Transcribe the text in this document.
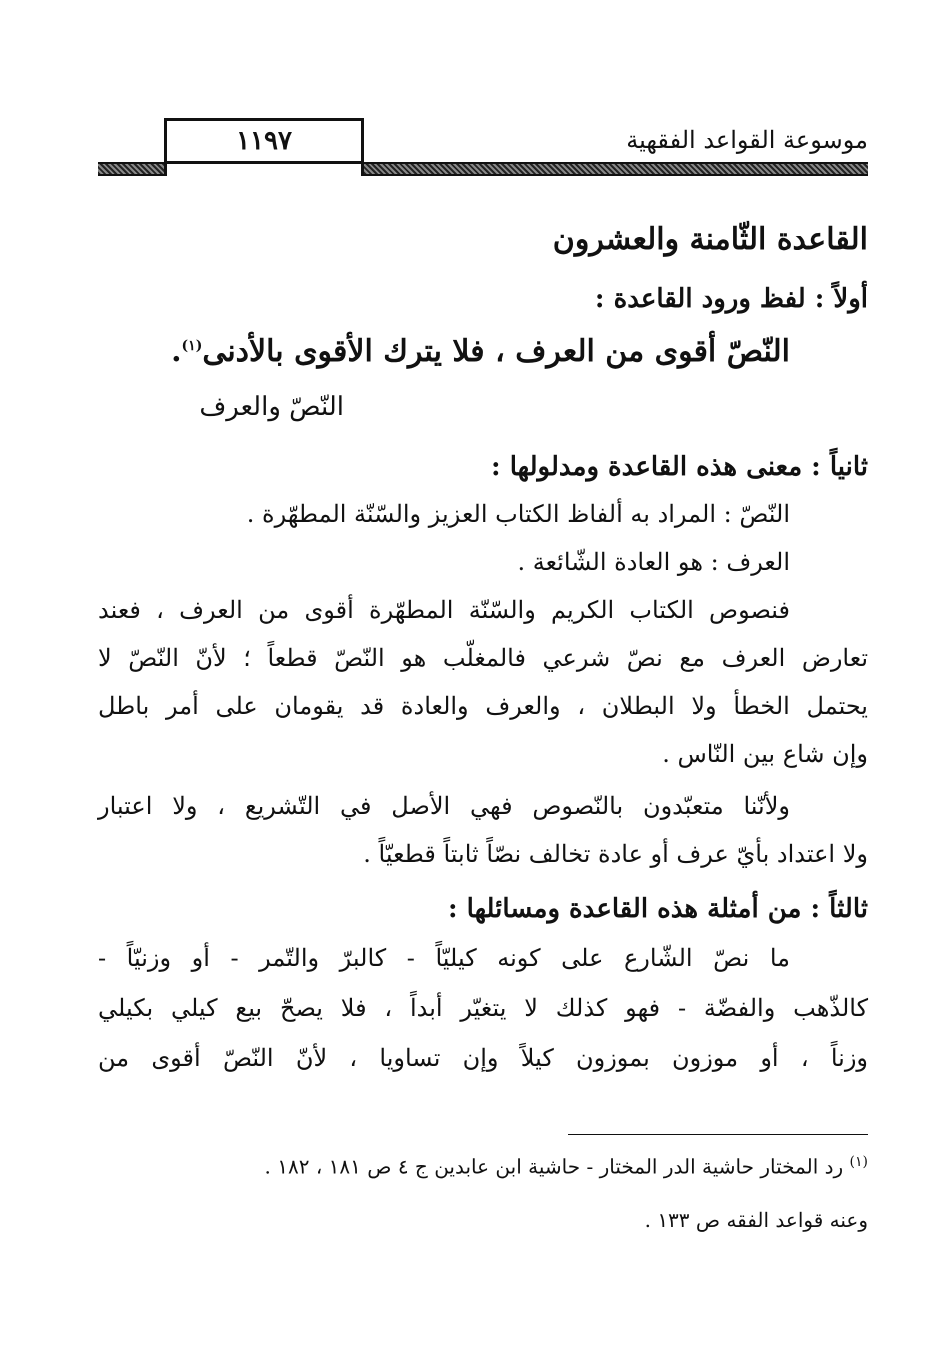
١١٩٧	موسوعة القواعد الفقهية
القاعدة الثّامنة والعشرون
أولاً : لفظ ورود القاعدة :
النّصّ أقوى من العرف ، فلا يترك الأقوى بالأدنى$^{(١)}$.
النّصّ والعرف
ثانياً : معنى هذه القاعدة ومدلولها :
النّصّ : المراد به ألفاظ الكتاب العزيز والسّنّة المطهّرة .
العرف : هو العادة الشّائعة .
فنصوص الكتاب الكريم والسّنّة المطهّرة أقوى من العرف ، فعند
تعارض العرف مع نصّ شرعي فالمغلّب هو النّصّ قطعاً ؛ لأنّ النّصّ لا
يحتمل الخطأ ولا البطلان ، والعرف والعادة قد يقومان على أمر باطل
وإن شاع بين النّاس .
ولأنّنا متعبّدون بالنّصوص فهي الأصل في التّشريع ، ولا اعتبار
ولا اعتداد بأيّ عرف أو عادة تخالف نصّاً ثابتاً قطعيّاً .
ثالثاً : من أمثلة هذه القاعدة ومسائلها :
ما نصّ الشّارع على كونه كيليّاً - كالبرّ والتّمر - أو وزنيّاً -
كالذّهب والفضّة - فهو كذلك لا يتغيّر أبداً ، فلا يصحّ بيع كيلي بكيلي
وزناً ، أو موزون بموزون كيلاً وإن تساويا ، لأنّ النّصّ أقوى من
$^{(١)}$ رد المختار حاشية الدر المختار - حاشية ابن عابدين ج ٤ ص ١٨١ ، ١٨٢ .
وعنه قواعد الفقه ص ١٣٣ .
